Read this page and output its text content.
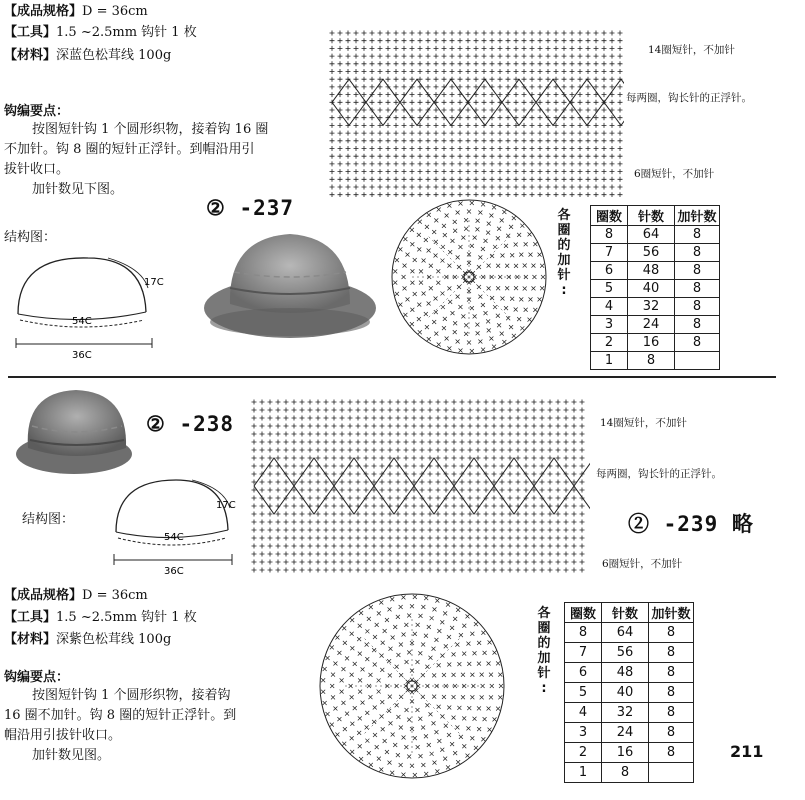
【成品规格】D = 36cm
【工具】1.5 ~2.5mm 钩针 1 枚
【材料】深蓝色松茸线 100g
钩编要点：
按图短针钩 1 个圆形织物，接着钩 16 圈
不加针。钩 8 圈的短针正浮针。到帽沿用引
拔针收口。
加针数见下图。
② -237
结构图：
17C
54C
36C
14圈短针，不加针
每两圈，钩长针的正浮针。
6圈短针，不加针
各
圈
的
加
针
:
圈数	针数	加针数
8	64	8
7	56	8
6	48	8
5	40	8
4	32	8
3	24	8
2	16	8
1	8	
② -238
结构图：
17C
54C
36C
14圈短针，不加针
每两圈，钩长针的正浮针。
6圈短针，不加针
② -239 略
【成品规格】D = 36cm
【工具】1.5 ~2.5mm 钩针 1 枚
【材料】深紫色松茸线 100g
钩编要点：
按图短针钩 1 个圆形织物，接着钩
16 圈不加针。钩 8 圈的短针正浮针。到
帽沿用引拔针收口。
加针数见图。
各
圈
的
加
针
:
圈数	针数	加针数
8	64	8
7	56	8
6	48	8
5	40	8
4	32	8
3	24	8
2	16	8
1	8	
211
